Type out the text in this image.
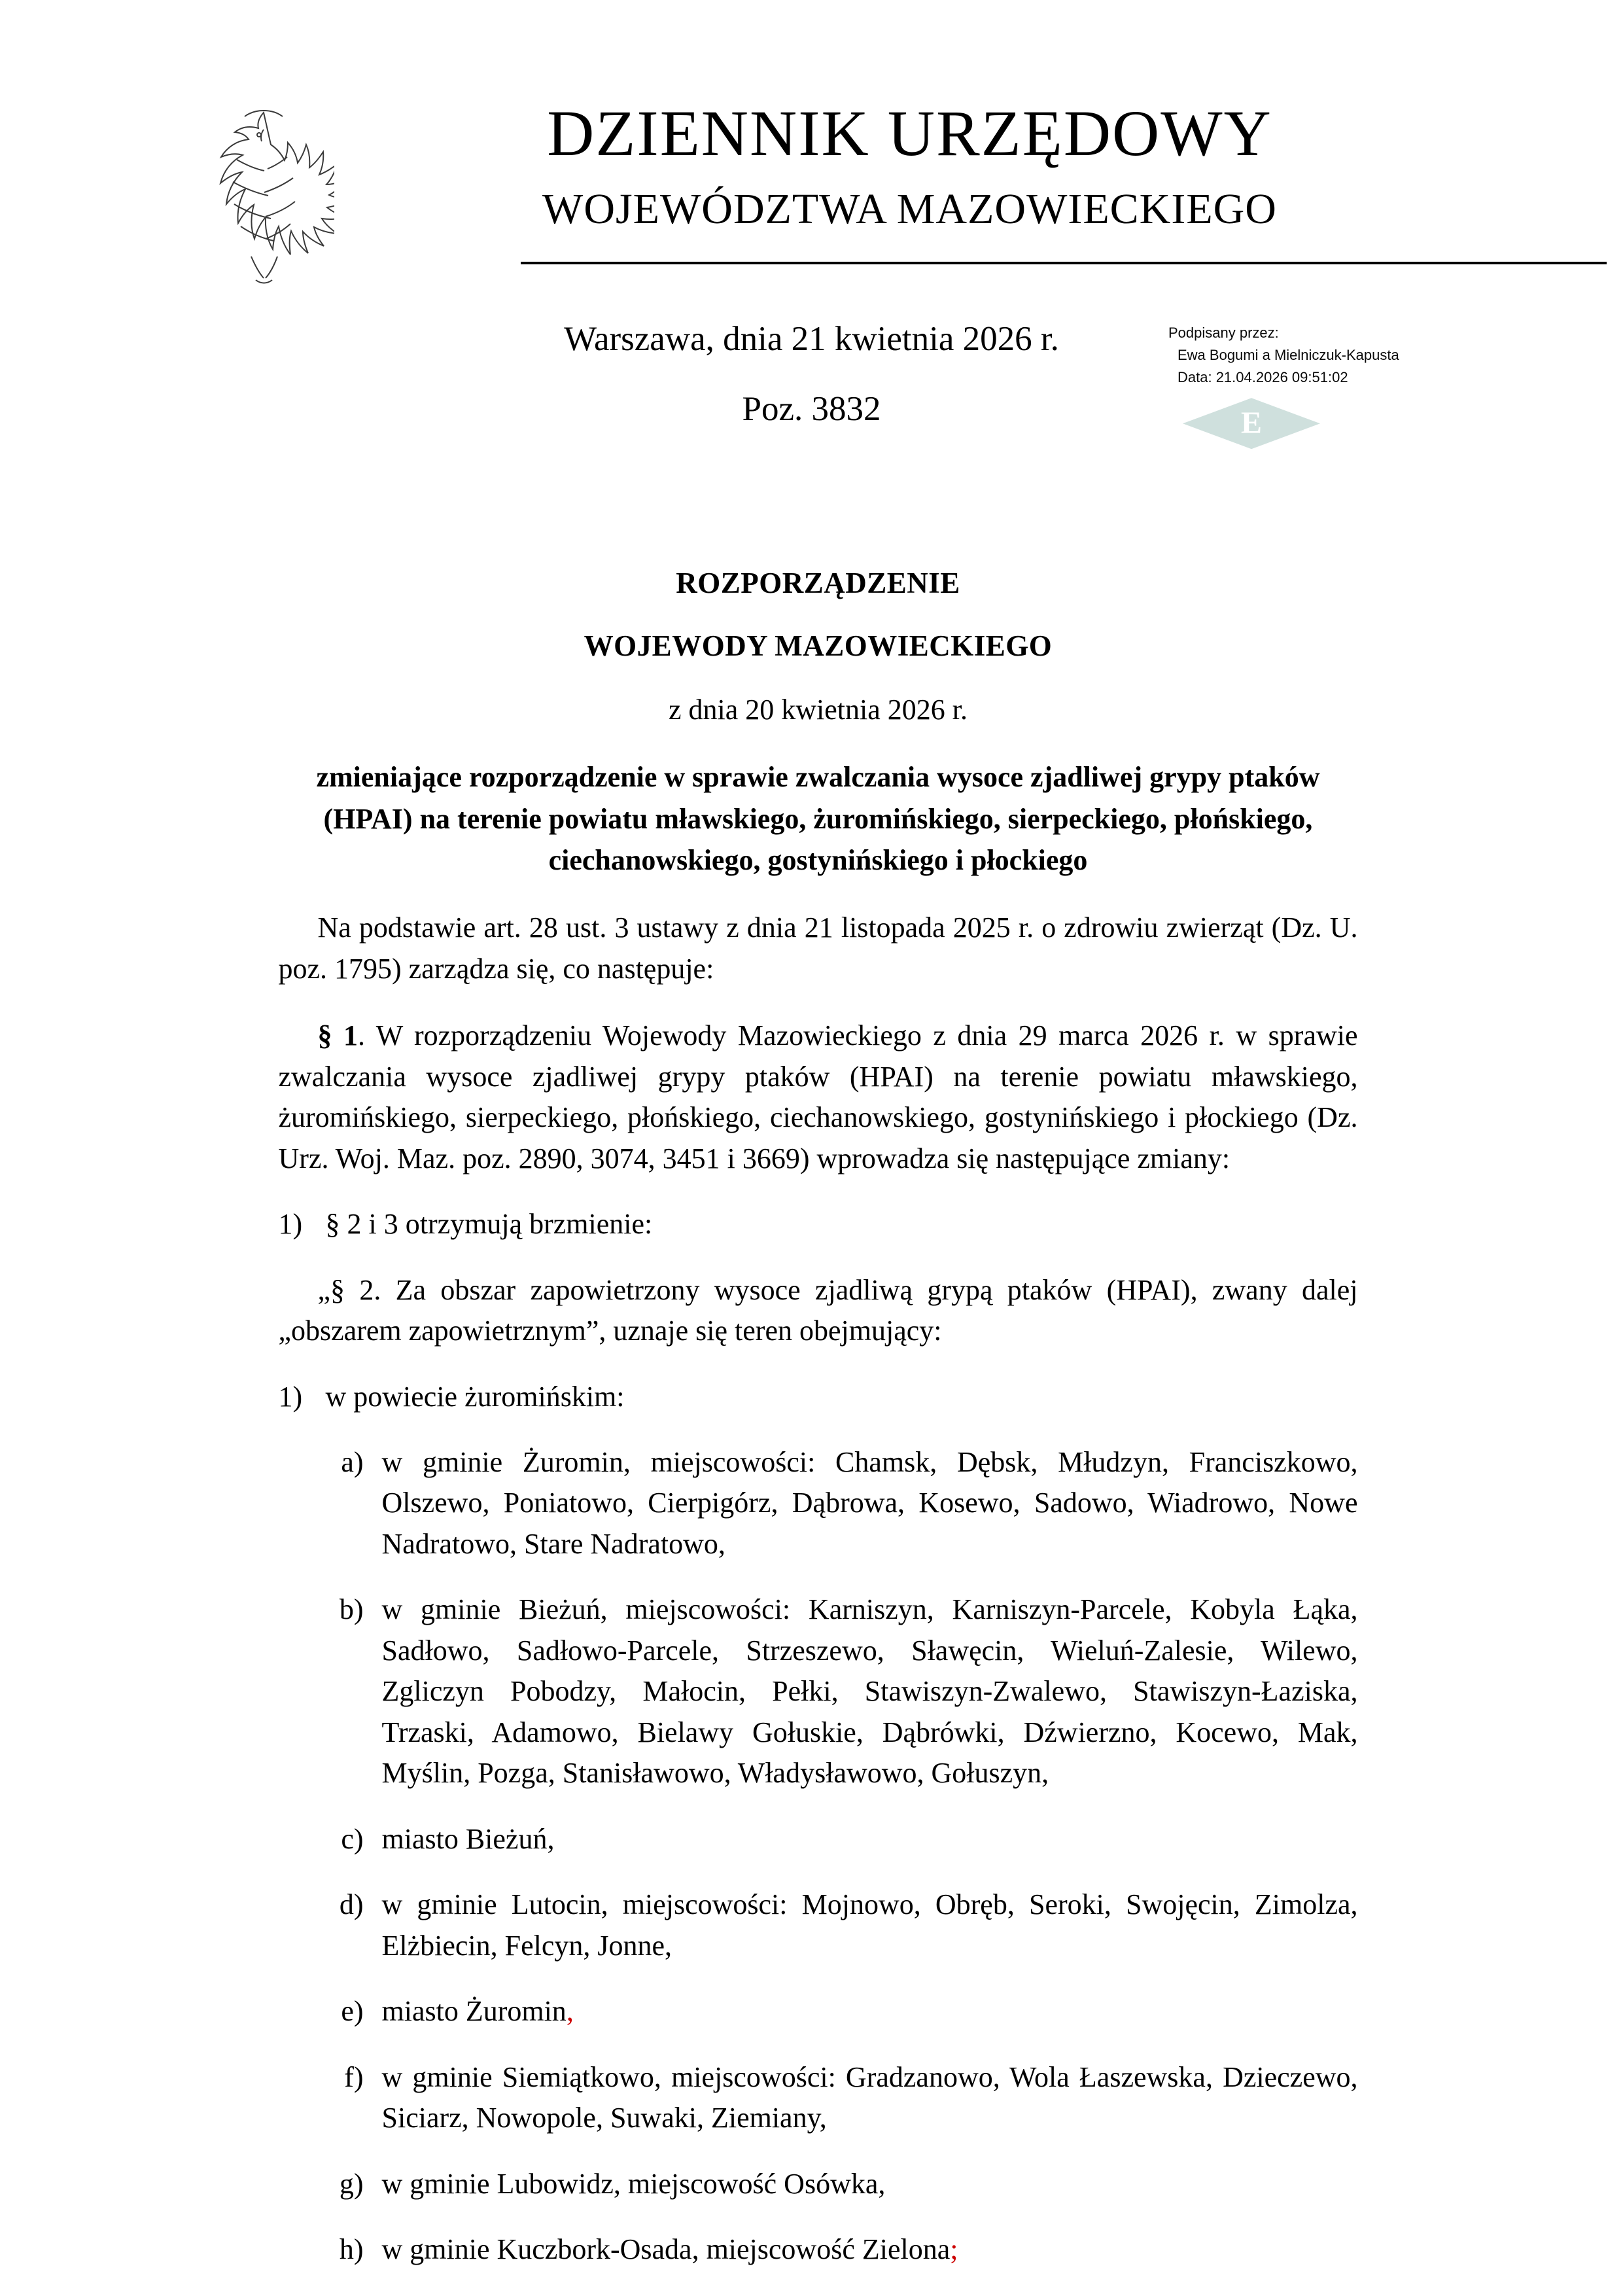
DZIENNIK URZĘDOWY
WOJEWÓDZTWA MAZOWIECKIEGO
Warszawa, dnia 21 kwietnia 2026 r.
Poz. 3832
Podpisany przez:
Ewa Bogumi a Mielniczuk-Kapusta
Data: 21.04.2026 09:51:02
E
ROZPORZĄDZENIE
WOJEWODY MAZOWIECKIEGO
z dnia 20 kwietnia 2026 r.
zmieniające rozporządzenie w sprawie zwalczania wysoce zjadliwej grypy ptaków (HPAI) na terenie powiatu mławskiego, żuromińskiego, sierpeckiego, płońskiego, ciechanowskiego, gostynińskiego i płockiego

Na podstawie art. 28 ust. 3 ustawy z dnia 21 listopada 2025 r. o zdrowiu zwierząt (Dz. U. poz. 1795) zarządza się, co następuje:

§ 1. W rozporządzeniu Wojewody Mazowieckiego z dnia 29 marca 2026 r. w sprawie zwalczania wysoce zjadliwej grypy ptaków (HPAI) na terenie powiatu mławskiego, żuromińskiego, sierpeckiego, płońskiego, ciechanowskiego, gostynińskiego i płockiego (Dz. Urz. Woj. Maz. poz. 2890, 3074, 3451 i 3669) wprowadza się następujące zmiany:

1) § 2 i 3 otrzymują brzmienie:
„§ 2. Za obszar zapowietrzony wysoce zjadliwą grypą ptaków (HPAI), zwany dalej „obszarem zapowietrznym”, uznaje się teren obejmujący:
1) w powiecie żuromińskim:
a) w gminie Żuromin, miejscowości: Chamsk, Dębsk, Młudzyn, Franciszkowo, Olszewo, Poniatowo, Cierpigórz, Dąbrowa, Kosewo, Sadowo, Wiadrowo, Nowe Nadratowo, Stare Nadratowo,
b) w gminie Bieżuń, miejscowości: Karniszyn, Karniszyn-Parcele, Kobyla Łąka, Sadłowo, Sadłowo-Parcele, Strzeszewo, Sławęcin, Wieluń-Zalesie, Wilewo, Zgliczyn Pobodzy, Małocin, Pełki, Stawiszyn-Zwalewo, Stawiszyn-Łaziska, Trzaski, Adamowo, Bielawy Gołuskie, Dąbrówki, Dźwierzno, Kocewo, Mak, Myślin, Pozga, Stanisławowo, Władysławowo, Gołuszyn,
c) miasto Bieżuń,
d) w gminie Lutocin, miejscowości: Mojnowo, Obręb, Seroki, Swojęcin, Zimolza, Elżbiecin, Felcyn, Jonne,
e) miasto Żuromin,
f) w gminie Siemiątkowo, miejscowości: Gradzanowo, Wola Łaszewska, Dzieczewo, Siciarz, Nowopole, Suwaki, Ziemiany,
g) w gminie Lubowidz, miejscowość Osówka,
h) w gminie Kuczbork-Osada, miejscowość Zielona;
